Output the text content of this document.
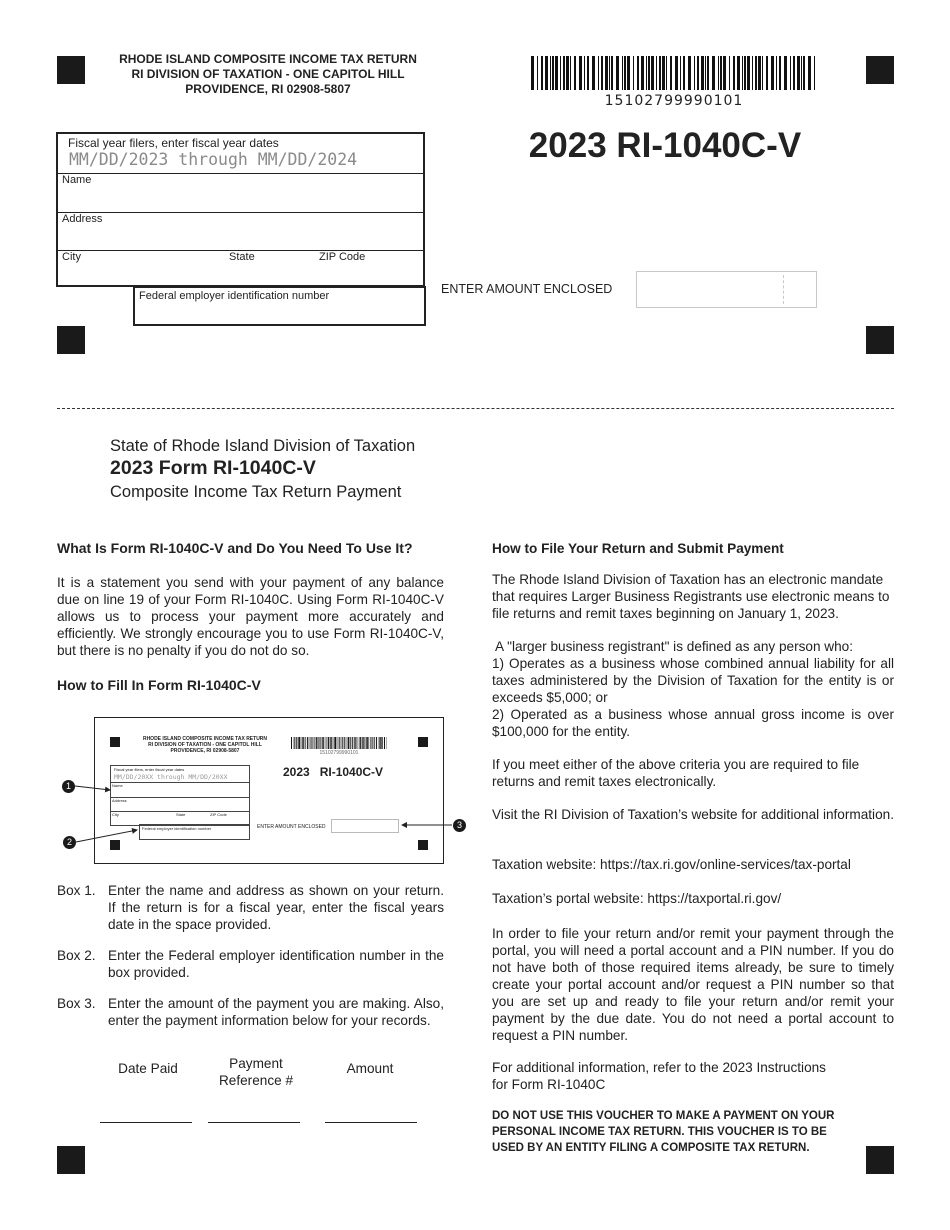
RHODE ISLAND COMPOSITE INCOME TAX RETURN
RI DIVISION OF TAXATION - ONE CAPITOL HILL
PROVIDENCE, RI 02908-5807
15102799990101
2023 RI-1040C-V
Fiscal year filers, enter fiscal year dates
MM/DD/2023 through MM/DD/2024
Name
Address
City	State	ZIP Code
Federal employer identification number	ENTER AMOUNT ENCLOSED
State of Rhode Island Division of Taxation
2023 Form RI-1040C-V
Composite Income Tax Return Payment
What Is Form RI-1040C-V and Do You Need To Use It?
It is a statement you send with your payment of any balance due on line 19 of your Form RI-1040C. Using Form RI-1040C-V allows us to process your payment more accurately and efficiently. We strongly encourage you to use Form RI-1040C-V, but there is no penalty if you do not do so.
How to Fill In Form RI-1040C-V
RHODE ISLAND COMPOSITE INCOME TAX RETURN
RI DIVISION OF TAXATION - ONE CAPITOL HILL
PROVIDENCE, RI 02908-5807	15102799990101
2023   RI-1040C-V
Fiscal year filers, enter fiscal year dates
MM/DD/20XX through MM/DD/20XX
Name
Address
City	State	ZIP Code
Federal employer identification number	ENTER AMOUNT ENCLOSED
1
2
3
Box 1. Enter the name and address as shown on your return. If the return is for a fiscal year, enter the fiscal years date in the space provided.
Box 2. Enter the Federal employer identification number in the box provided.
Box 3. Enter the amount of the payment you are making. Also, enter the payment information below for your records.
Date Paid	Payment
Reference #
Amount
How to File Your Return and Submit Payment
The Rhode Island Division of Taxation has an electronic mandate that requires Larger Business Registrants use electronic means to file returns and remit taxes beginning on January 1, 2023.
A "larger business registrant" is defined as any person who:
1) Operates as a business whose combined annual liability for all taxes administered by the Division of Taxation for the entity is or exceeds $5,000; or
2) Operated as a business whose annual gross income is over $100,000 for the entity.
If you meet either of the above criteria you are required to file returns and remit taxes electronically.
Visit the RI Division of Taxation’s website for additional information.
Taxation website: https://tax.ri.gov/online-services/tax-portal
Taxation’s portal website: https://taxportal.ri.gov/
In order to file your return and/or remit your payment through the portal, you will need a portal account and a PIN number. If you do not have both of those required items already, be sure to timely create your portal account and/or request a PIN number so that you are set up and ready to file your return and/or remit your payment by the due date. You do not need a portal account to request a PIN number.
For additional information, refer to the 2023 Instructions
for Form RI-1040C
DO NOT USE THIS VOUCHER TO MAKE A PAYMENT ON YOUR PERSONAL INCOME TAX RETURN. THIS VOUCHER IS TO BE USED BY AN ENTITY FILING A COMPOSITE TAX RETURN.
